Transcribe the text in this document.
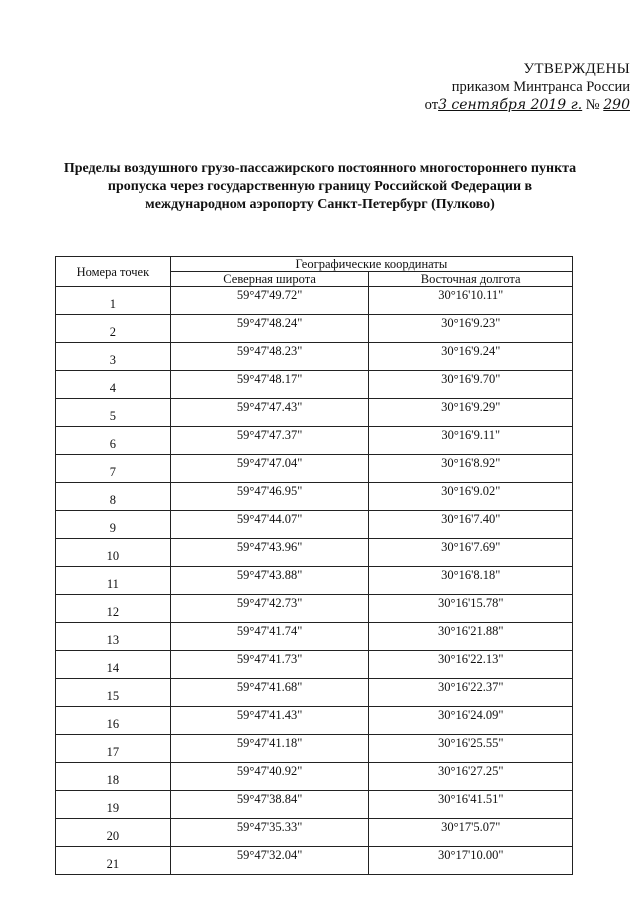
УТВЕРЖДЕНЫ
приказом Минтранса России
от3 сентября 2019 г. № 290
Пределы воздушного грузо-пассажирского постоянного многостороннего пункта пропуска через государственную границу Российской Федерации в международном аэропорту Санкт-Петербург (Пулково)
Номера точек	Географические координаты	
	Северная широта	Восточная долгота
1	59°47'49.72"	30°16'10.11"
2	59°47'48.24"	30°16'9.23"
3	59°47'48.23"	30°16'9.24"
4	59°47'48.17"	30°16'9.70"
5	59°47'47.43"	30°16'9.29"
6	59°47'47.37"	30°16'9.11"
7	59°47'47.04"	30°16'8.92"
8	59°47'46.95"	30°16'9.02"
9	59°47'44.07"	30°16'7.40"
10	59°47'43.96"	30°16'7.69"
11	59°47'43.88"	30°16'8.18"
12	59°47'42.73"	30°16'15.78"
13	59°47'41.74"	30°16'21.88"
14	59°47'41.73"	30°16'22.13"
15	59°47'41.68"	30°16'22.37"
16	59°47'41.43"	30°16'24.09"
17	59°47'41.18"	30°16'25.55"
18	59°47'40.92"	30°16'27.25"
19	59°47'38.84"	30°16'41.51"
20	59°47'35.33"	30°17'5.07"
21	59°47'32.04"	30°17'10.00"
